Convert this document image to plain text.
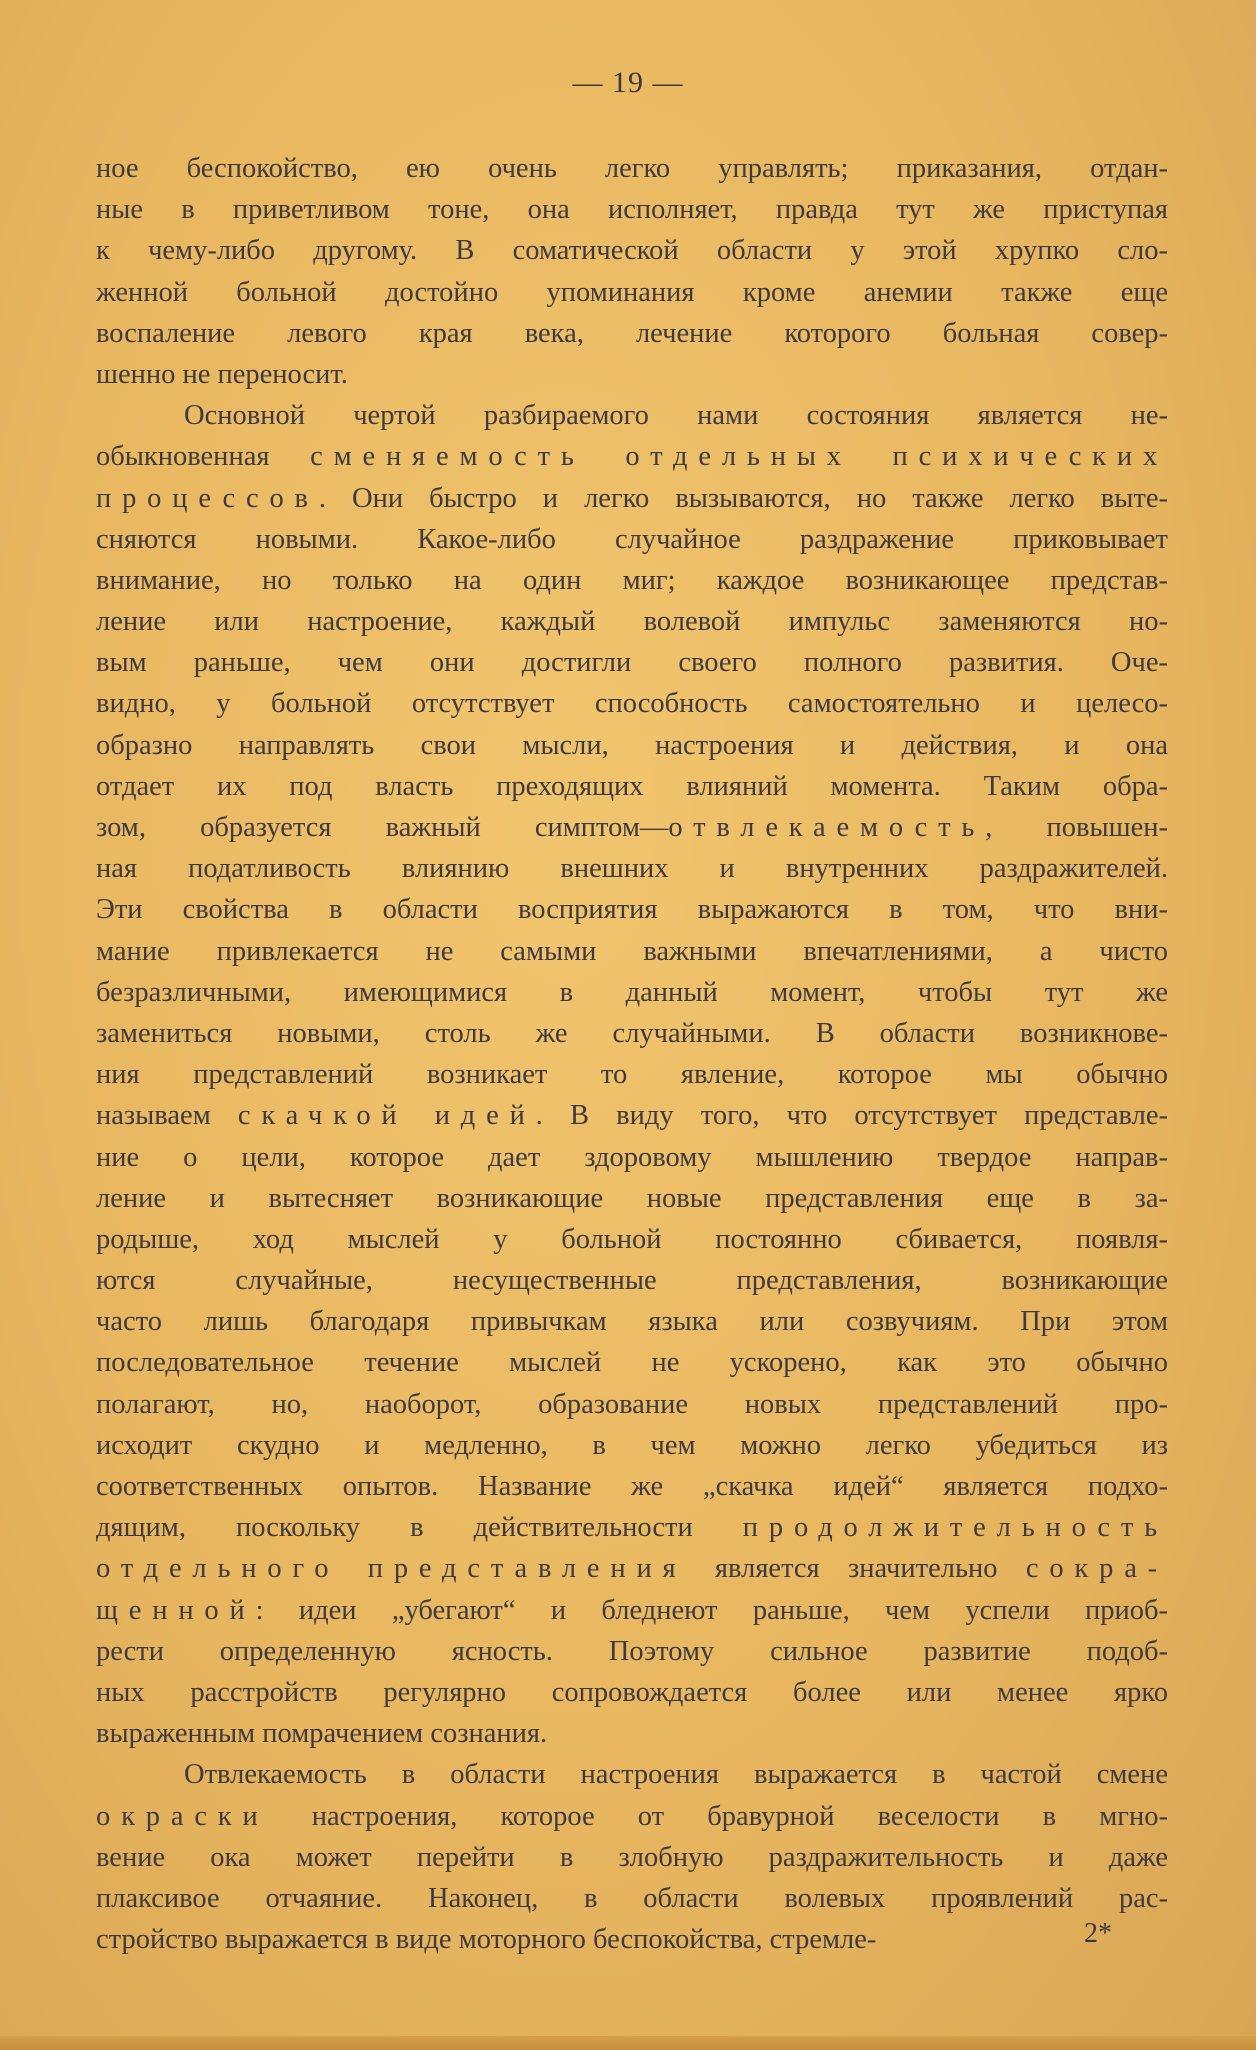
— 19 —
ное беспокойство, ею очень легко управлять; приказания, отдан-
ные в приветливом тоне, она исполняет, правда тут же приступая
к чему-либо другому. В соматической области у этой хрупко сло-
женной больной достойно упоминания кроме анемии также еще
воспаление левого края века, лечение которого больная совер-
шенно не переносит.
Основной чертой разбираемого нами состояния является не-
обыкновенная сменяемость отдельных психических
процессов. Они быстро и легко вызываются, но также легко выте-
сняются новыми. Какое-либо случайное раздражение приковывает
внимание, но только на один миг; каждое возникающее представ-
ление или настроение, каждый волевой импульс заменяются но-
вым раньше, чем они достигли своего полного развития. Оче-
видно, у больной отсутствует способность самостоятельно и целесо-
образно направлять свои мысли, настроения и действия, и она
отдает их под власть преходящих влияний момента. Таким обра-
зом, образуется важный симптом—отвлекаемость, повышен-
ная податливость влиянию внешних и внутренних раздражителей.
Эти свойства в области восприятия выражаются в том, что вни-
мание привлекается не самыми важными впечатлениями, а чисто
безразличными, имеющимися в данный момент, чтобы тут же
замениться новыми, столь же случайными. В области возникнове-
ния представлений возникает то явление, которое мы обычно
называем скачкой идей. В виду того, что отсутствует представле-
ние о цели, которое дает здоровому мышлению твердое направ-
ление и вытесняет возникающие новые представления еще в за-
родыше, ход мыслей у больной постоянно сбивается, появля-
ются случайные, несущественные представления, возникающие
часто лишь благодаря привычкам языка или созвучиям. При этом
последовательное течение мыслей не ускорено, как это обычно
полагают, но, наоборот, образование новых представлений про-
исходит скудно и медленно, в чем можно легко убедиться из
соответственных опытов. Название же „скачка идей“ является подхо-
дящим, поскольку в действительности продолжительность
отдельного представления является значительно сокра-
щенной: идеи „убегают“ и бледнеют раньше, чем успели приоб-
рести определенную ясность. Поэтому сильное развитие подоб-
ных расстройств регулярно сопровождается более или менее ярко
выраженным помрачением сознания.
Отвлекаемость в области настроения выражается в частой смене
окраски настроения, которое от бравурной веселости в мгно-
вение ока может перейти в злобную раздражительность и даже
плаксивое отчаяние. Наконец, в области волевых проявлений рас-
стройство выражается в виде моторного беспокойства, стремле-	2*
